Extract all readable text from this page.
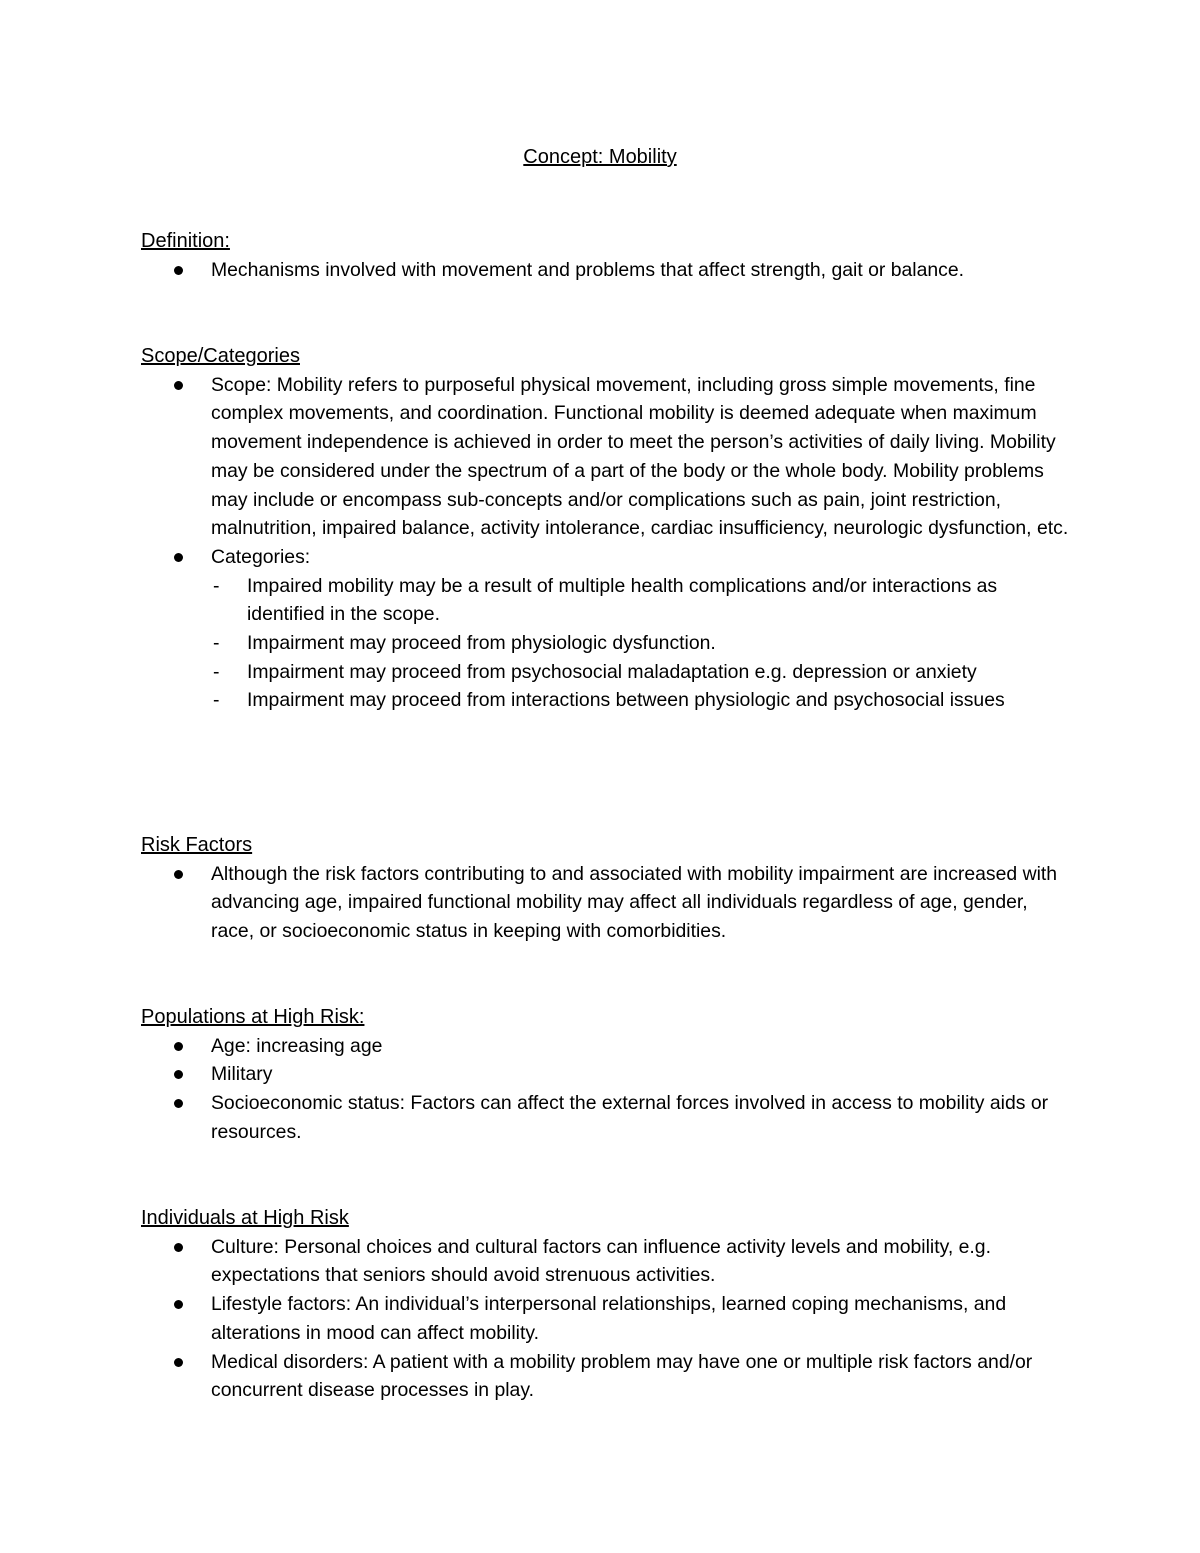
Concept: Mobility
Definition:
Mechanisms involved with movement and problems that affect strength, gait or balance.
Scope/Categories
Scope: Mobility refers to purposeful physical movement, including gross simple movements, fine complex movements, and coordination. Functional mobility is deemed adequate when maximum movement independence is achieved in order to meet the person’s activities of daily living. Mobility may be considered under the spectrum of a part of the body or the whole body. Mobility problems may include or encompass sub-concepts and/or complications such as pain, joint restriction, malnutrition, impaired balance, activity intolerance, cardiac insufficiency, neurologic dysfunction, etc.
Categories:
- Impaired mobility may be a result of multiple health complications and/or interactions as identified in the scope.
- Impairment may proceed from physiologic dysfunction.
- Impairment may proceed from psychosocial maladaptation e.g. depression or anxiety
- Impairment may proceed from interactions between physiologic and psychosocial issues
Risk Factors
Although the risk factors contributing to and associated with mobility impairment are increased with advancing age, impaired functional mobility may affect all individuals regardless of age, gender, race, or socioeconomic status in keeping with comorbidities.
Populations at High Risk:
Age: increasing age
Military
Socioeconomic status: Factors can affect the external forces involved in access to mobility aids or resources.
Individuals at High Risk
Culture: Personal choices and cultural factors can influence activity levels and mobility, e.g. expectations that seniors should avoid strenuous activities.
Lifestyle factors: An individual’s interpersonal relationships, learned coping mechanisms, and alterations in mood can affect mobility.
Medical disorders: A patient with a mobility problem may have one or multiple risk factors and/or concurrent disease processes in play.
